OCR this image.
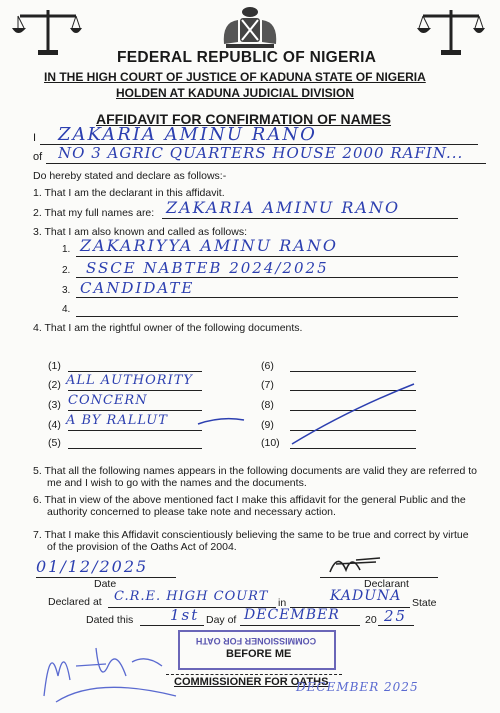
FEDERAL REPUBLIC OF NIGERIA
IN THE HIGH COURT OF JUSTICE OF KADUNA STATE OF NIGERIA
HOLDEN AT KADUNA JUDICIAL DIVISION
AFFIDAVIT FOR CONFIRMATION OF NAMES
I ZAKARIA AMINU RANO
of NO 3 AGRIC QUARTERS HOUSE 2000 RAFIN...
Do hereby stated and declare as follows:-
1. That I am the declarant in this affidavit.
2. That my full names are: ZAKARIA AMINU RANO
3. That I am also known and called as follows:
1. ZAKARIYYA AMINU RANO
2. SSCE NABTEB 2024/2025
3. CANDIDATE
4.
4. That I am the rightful owner of the following documents.
(1)
(2) ALL AUTHORITY
(3) CONCERN
(4) A BY RALLUT
(5)
(6)
(7)
(8)
(9)
(10)
5. That all the following names appears in the following documents are valid they are referred to me and I wish to go with the names and the documents.
6. That in view of the above mentioned fact I make this affidavit for the general Public and the authority concerned to please take note and necessary action.
7. That I make this Affidavit conscientiously believing the same to be true and correct by virtue of the provision of the Oaths Act of 2004.
01/12/2025
Date	Declarant
Declared at C.R.E. HIGH COURT in	KADUNA State
Dated this 1st Day of DECEMBER 20 25
COMMISSIONER FOR OATH
BEFORE ME
COMMISSIONER FOR OATHS
DECEMBER 2025
